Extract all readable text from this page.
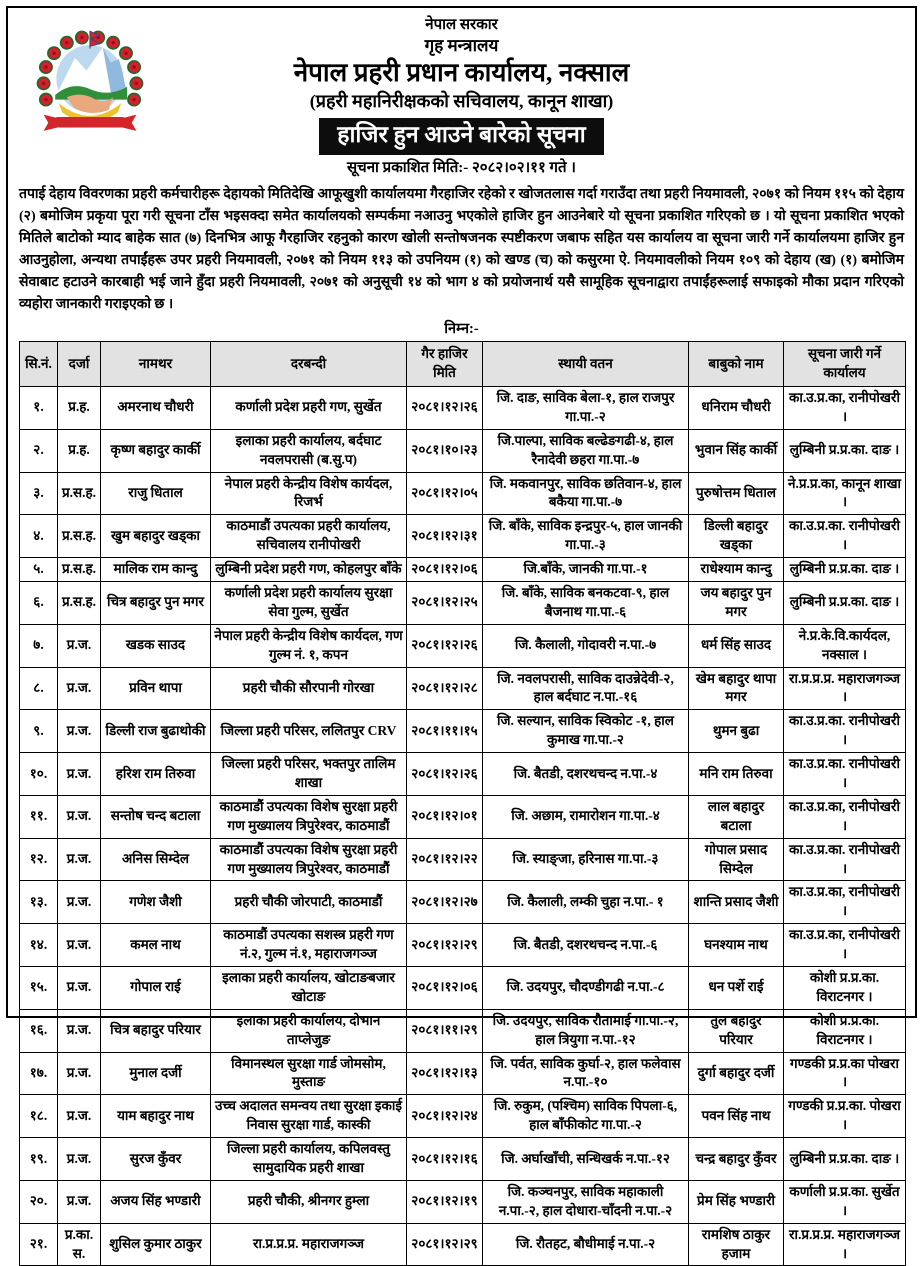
नेपाल सरकार
गृह मन्त्रालय
नेपाल प्रहरी प्रधान कार्यालय, नक्साल
(प्रहरी महानिरीक्षकको सचिवालय, कानून शाखा)
हाजिर हुन आउने बारेको सूचना
सूचना प्रकाशित मिति:- २०८२।०२।११ गते ।
तपाई देहाय विवरणका प्रहरी कर्मचारीहरू देहायको मितिदेखि आफूखुशी कार्यालयमा गैरहाजिर रहेको र खोजतलास गर्दा गराउँदा तथा प्रहरी नियमावली, २०७१ को नियम ११५ को देहाय (२) बमोजिम प्रकृया पूरा गरी सूचना टाँस भइसक्दा समेत कार्यालयको सम्पर्कमा नआउनु भएकोले हाजिर हुन आउनेबारे यो सूचना प्रकाशित गरिएको छ । यो सूचना प्रकाशित भएको मितिले बाटोको म्याद बाहेक सात (७) दिनभित्र आफू गैरहाजिर रहनुको कारण खोली सन्तोषजनक स्पष्टीकरण जबाफ सहित यस कार्यालय वा सूचना जारी गर्ने कार्यालयमा हाजिर हुन आउनुहोला, अन्यथा तपाईंहरू उपर प्रहरी नियमावली, २०७१ को नियम ११३ को उपनियम (१) को खण्ड (च) को कसुरमा ऐ. नियमावलीको नियम १०९ को देहाय (ख) (१) बमोजिम सेवाबाट हटाउने कारबाही भई जाने हुँदा प्रहरी नियमावली, २०७१ को अनुसूची १४ को भाग ४ को प्रयोजनार्थ यसै सामूहिक सूचनाद्वारा तपाईंहरूलाई सफाइको मौका प्रदान गरिएको व्यहोरा जानकारी गराइएको छ ।
निम्न:-
सि.नं.	दर्जा	नामथर	दरबन्दी	गैर हाजिर मिति	स्थायी वतन	बाबुको नाम	सूचना जारी गर्ने कार्यालय
१.	प्र.ह.	अमरनाथ चौधरी	कर्णाली प्रदेश प्रहरी गण, सुर्खेत	२०८१।१२।२६	जि. दाङ, साविक बेला-१, हाल राजपुर गा.पा.-२	धनिराम चौधरी	का.उ.प्र.का, रानीपोखरी ।
२.	प्र.ह.	कृष्ण बहादुर कार्की	इलाका प्रहरी कार्यालय, बर्दघाट नवलपरासी (ब.सु.प)	२०८१।१०।२३	जि.पाल्पा, साविक बल्ढेङगढी-४, हाल रैनादेवी छहरा गा.पा.-७	भुवान सिंह कार्की	लुम्बिनी प्र.प्र.का. दाङ ।
३.	प्र.स.ह.	राजु धिताल	नेपाल प्रहरी केन्द्रीय विशेष कार्यदल, रिजर्भ	२०८१।१२।०५	जि. मकवानपुर, साविक छतिवान-४, हाल बकैया गा.पा.-७	पुरुषोत्तम धिताल	ने.प्र.प्र.का, कानून शाखा ।
४.	प्र.स.ह.	खुम बहादुर खड्का	काठमाडौं उपत्यका प्रहरी कार्यालय, सचिवालय रानीपोखरी	२०८१।१२।३१	जि. बाँके, साविक इन्द्रपुर-५, हाल जानकी गा.पा.-३	डिल्ली बहादुर खड्का	का.उ.प्र.का. रानीपोखरी ।
५.	प्र.स.ह.	मालिक राम कान्दु	लुम्बिनी प्रदेश प्रहरी गण, कोहलपुर बाँके	२०८१।१२।०६	जि.बाँके, जानकी गा.पा.-१	राधेश्याम कान्दु	लुम्बिनी प्र.प्र.का. दाङ ।
६.	प्र.स.ह.	चित्र बहादुर पुन मगर	कर्णाली प्रदेश प्रहरी कार्यालय सुरक्षा सेवा गुल्म, सुर्खेत	२०८१।१२।२५	जि. बाँके, साविक बनकटवा-९, हाल बैजनाथ गा.पा.-६	जय बहादुर पुन मगर	लुम्बिनी प्र.प्र.का. दाङ ।
७.	प्र.ज.	खडक साउद	नेपाल प्रहरी केन्द्रीय विशेष कार्यदल, गण गुल्म नं. १, कपन	२०८१।१२।२६	जि. कैलाली, गोदावरी न.पा.-७	धर्म सिंह साउद	ने.प्र.के.वि.कार्यदल, नक्साल ।
८.	प्र.ज.	प्रविन थापा	प्रहरी चौकी सौरपानी गोरखा	२०८१।१२।२८	जि. नवलपरासी, साविक दाउन्नेदेवी-२, हाल बर्दघाट न.पा.-१६	खेम बहादुर थापा मगर	रा.प्र.प्र.प्र. महाराजगञ्ज ।
९.	प्र.ज.	डिल्ली राज बुढाथोकी	जिल्ला प्रहरी परिसर, ललितपुर CRV	२०८१।११।१५	जि. सल्यान, साविक स्विकोट -१, हाल कुमाख गा.पा.-२	थुमन बुढा	का.उ.प्र.का. रानीपोखरी ।
१०.	प्र.ज.	हरिश राम तिरुवा	जिल्ला प्रहरी परिसर, भक्तपुर तालिम शाखा	२०८१।१२।२६	जि. बैतडी, दशरथचन्द न.पा.-४	मनि राम तिरुवा	का.उ.प्र.का. रानीपोखरी ।
११.	प्र.ज.	सन्तोष चन्द बटाला	काठमाडौं उपत्यका विशेष सुरक्षा प्रहरी गण मुख्यालय त्रिपुरेश्वर, काठमाडौं	२०८१।१२।०१	जि. अछाम, रामारोशन गा.पा.-४	लाल बहादुर बटाला	का.उ.प्र.का, रानीपोखरी ।
१२.	प्र.ज.	अनिस सिम्देल	काठमाडौं उपत्यका विशेष सुरक्षा प्रहरी गण मुख्यालय त्रिपुरेश्वर, काठमाडौं	२०८१।१२।२२	जि. स्याङ्जा, हरिनास गा.पा.-३	गोपाल प्रसाद सिम्देल	का.उ.प्र.का. रानीपोखरी ।
१३.	प्र.ज.	गणेश जैशी	प्रहरी चौकी जोरपाटी, काठमाडौं	२०८१।१२।२७	जि. कैलाली, लम्की चुहा न.पा.- १	शान्ति प्रसाद जैशी	का.उ.प्र.का, रानीपोखरी ।
१४.	प्र.ज.	कमल नाथ	काठमाडौं उपत्यका सशस्त्र प्रहरी गण नं.२, गुल्म नं.१, महाराजगञ्ज	२०८१।१२।२९	जि. बैतडी, दशरथचन्द न.पा.-६	घनश्याम नाथ	का.उ.प्र.का, रानीपोखरी ।
१५.	प्र.ज.	गोपाल राई	इलाका प्रहरी कार्यालय, खोटाङबजार खोटाङ	२०८१।१२।०६	जि. उदयपुर, चौदण्डीगढी न.पा.-८	धन पर्शे राई	कोशी प्र.प्र.का. विराटनगर ।
१६.	प्र.ज.	चित्र बहादुर परियार	इलाका प्रहरी कार्यालय, दोभान ताप्लेजुङ	२०८१।११।२९	जि. उदयपुर, साविक रौतामाई गा.पा.-२, हाल त्रियुगा न.पा.-१२	तुल बहादुर परियार	कोशी प्र.प्र.का. विराटनगर ।
१७.	प्र.ज.	मुनाल दर्जी	विमानस्थल सुरक्षा गार्ड जोमसोम, मुस्ताङ	२०८१।१२।१३	जि. पर्वत, साविक कुर्घा-२, हाल फलेवास न.पा.-१०	दुर्गा बहादुर दर्जी	गण्डकी प्र.प्र.का पोखरा ।
१८.	प्र.ज.	याम बहादुर नाथ	उच्च अदालत समन्वय तथा सुरक्षा इकाई निवास सुरक्षा गार्ड, कास्की	२०८१।१२।२४	जि. रुकुम, (पश्चिम) साविक पिपला-६, हाल बाँफीकोट गा.पा.-२	पवन सिंह नाथ	गण्डकी प्र.प्र.का. पोखरा ।
१९.	प्र.ज.	सुरज कुँवर	जिल्ला प्रहरी कार्यालय, कपिलवस्तु सामुदायिक प्रहरी शाखा	२०८१।१२।१६	जि. अर्घाखाँची, सन्धिखर्क न.पा.-१२	चन्द्र बहादुर कुँवर	लुम्बिनी प्र.प्र.का. दाङ ।
२०.	प्र.ज.	अजय सिंह भण्डारी	प्रहरी चौकी, श्रीनगर हुम्ला	२०८१।१२।१९	जि. कञ्चनपुर, साविक महाकाली न.पा.-२, हाल दोधारा-चाँदनी न.पा.-२	प्रेम सिंह भण्डारी	कर्णाली प्र.प्र.का. सुर्खेत ।
२१.	प्र.का.स.	शुसिल कुमार ठाकुर	रा.प्र.प्र.प्र. महाराजगञ्ज	२०८१।१२।२९	जि. रौतहट, बौधीमाई न.पा.-२	रामशिष ठाकुर हजाम	रा.प्र.प्र.प्र. महाराजगञ्ज ।
